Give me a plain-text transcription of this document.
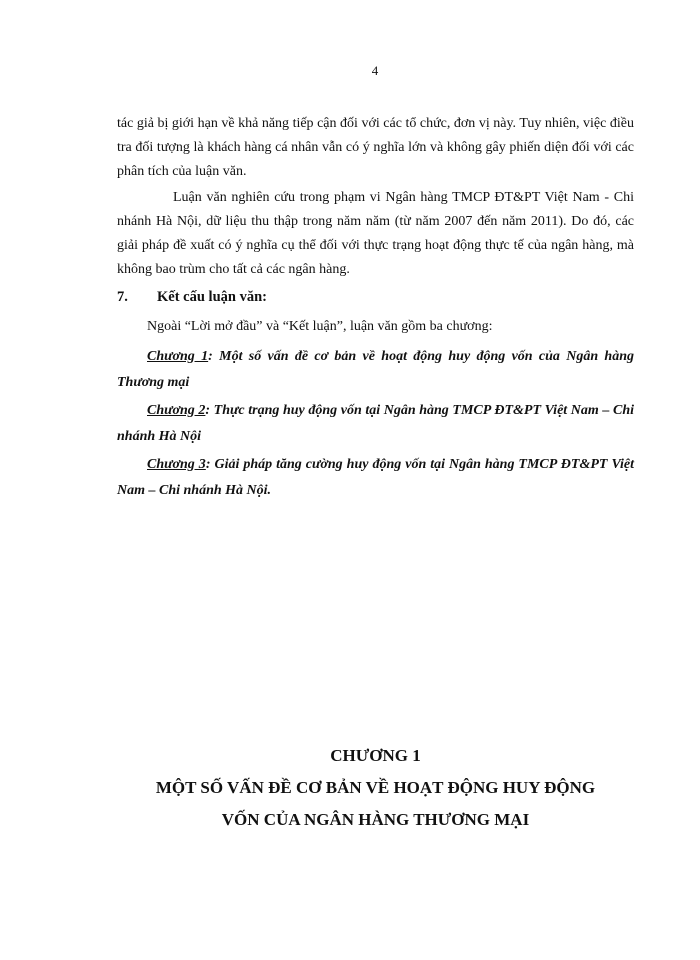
4

tác giả bị giới hạn về khả năng tiếp cận đối với các tổ chức, đơn vị này. Tuy nhiên, việc điều tra đối tượng là khách hàng cá nhân vẫn có ý nghĩa lớn và không gây phiến diện đối với các phân tích của luận văn.

Luận văn nghiên cứu trong phạm vi Ngân hàng TMCP ĐT&PT Việt Nam - Chi nhánh Hà Nội, dữ liệu thu thập trong năm năm (từ năm 2007 đến năm 2011). Do đó, các giải pháp đề xuất có ý nghĩa cụ thể đối với thực trạng hoạt động thực tế của ngân hàng, mà không bao trùm cho tất cả các ngân hàng.

7. Kết cấu luận văn:

Ngoài “Lời mở đầu” và “Kết luận”, luận văn gồm ba chương:

Chương 1: Một số vấn đề cơ bản về hoạt động huy động vốn của Ngân hàng Thương mại

Chương 2: Thực trạng huy động vốn tại Ngân hàng TMCP ĐT&PT Việt Nam – Chi nhánh Hà Nội

Chương 3: Giải pháp tăng cường huy động vốn tại Ngân hàng TMCP ĐT&PT Việt Nam – Chi nhánh Hà Nội.

CHƯƠNG 1
MỘT SỐ VẤN ĐỀ CƠ BẢN VỀ HOẠT ĐỘNG HUY ĐỘNG
VỐN CỦA NGÂN HÀNG THƯƠNG MẠI
